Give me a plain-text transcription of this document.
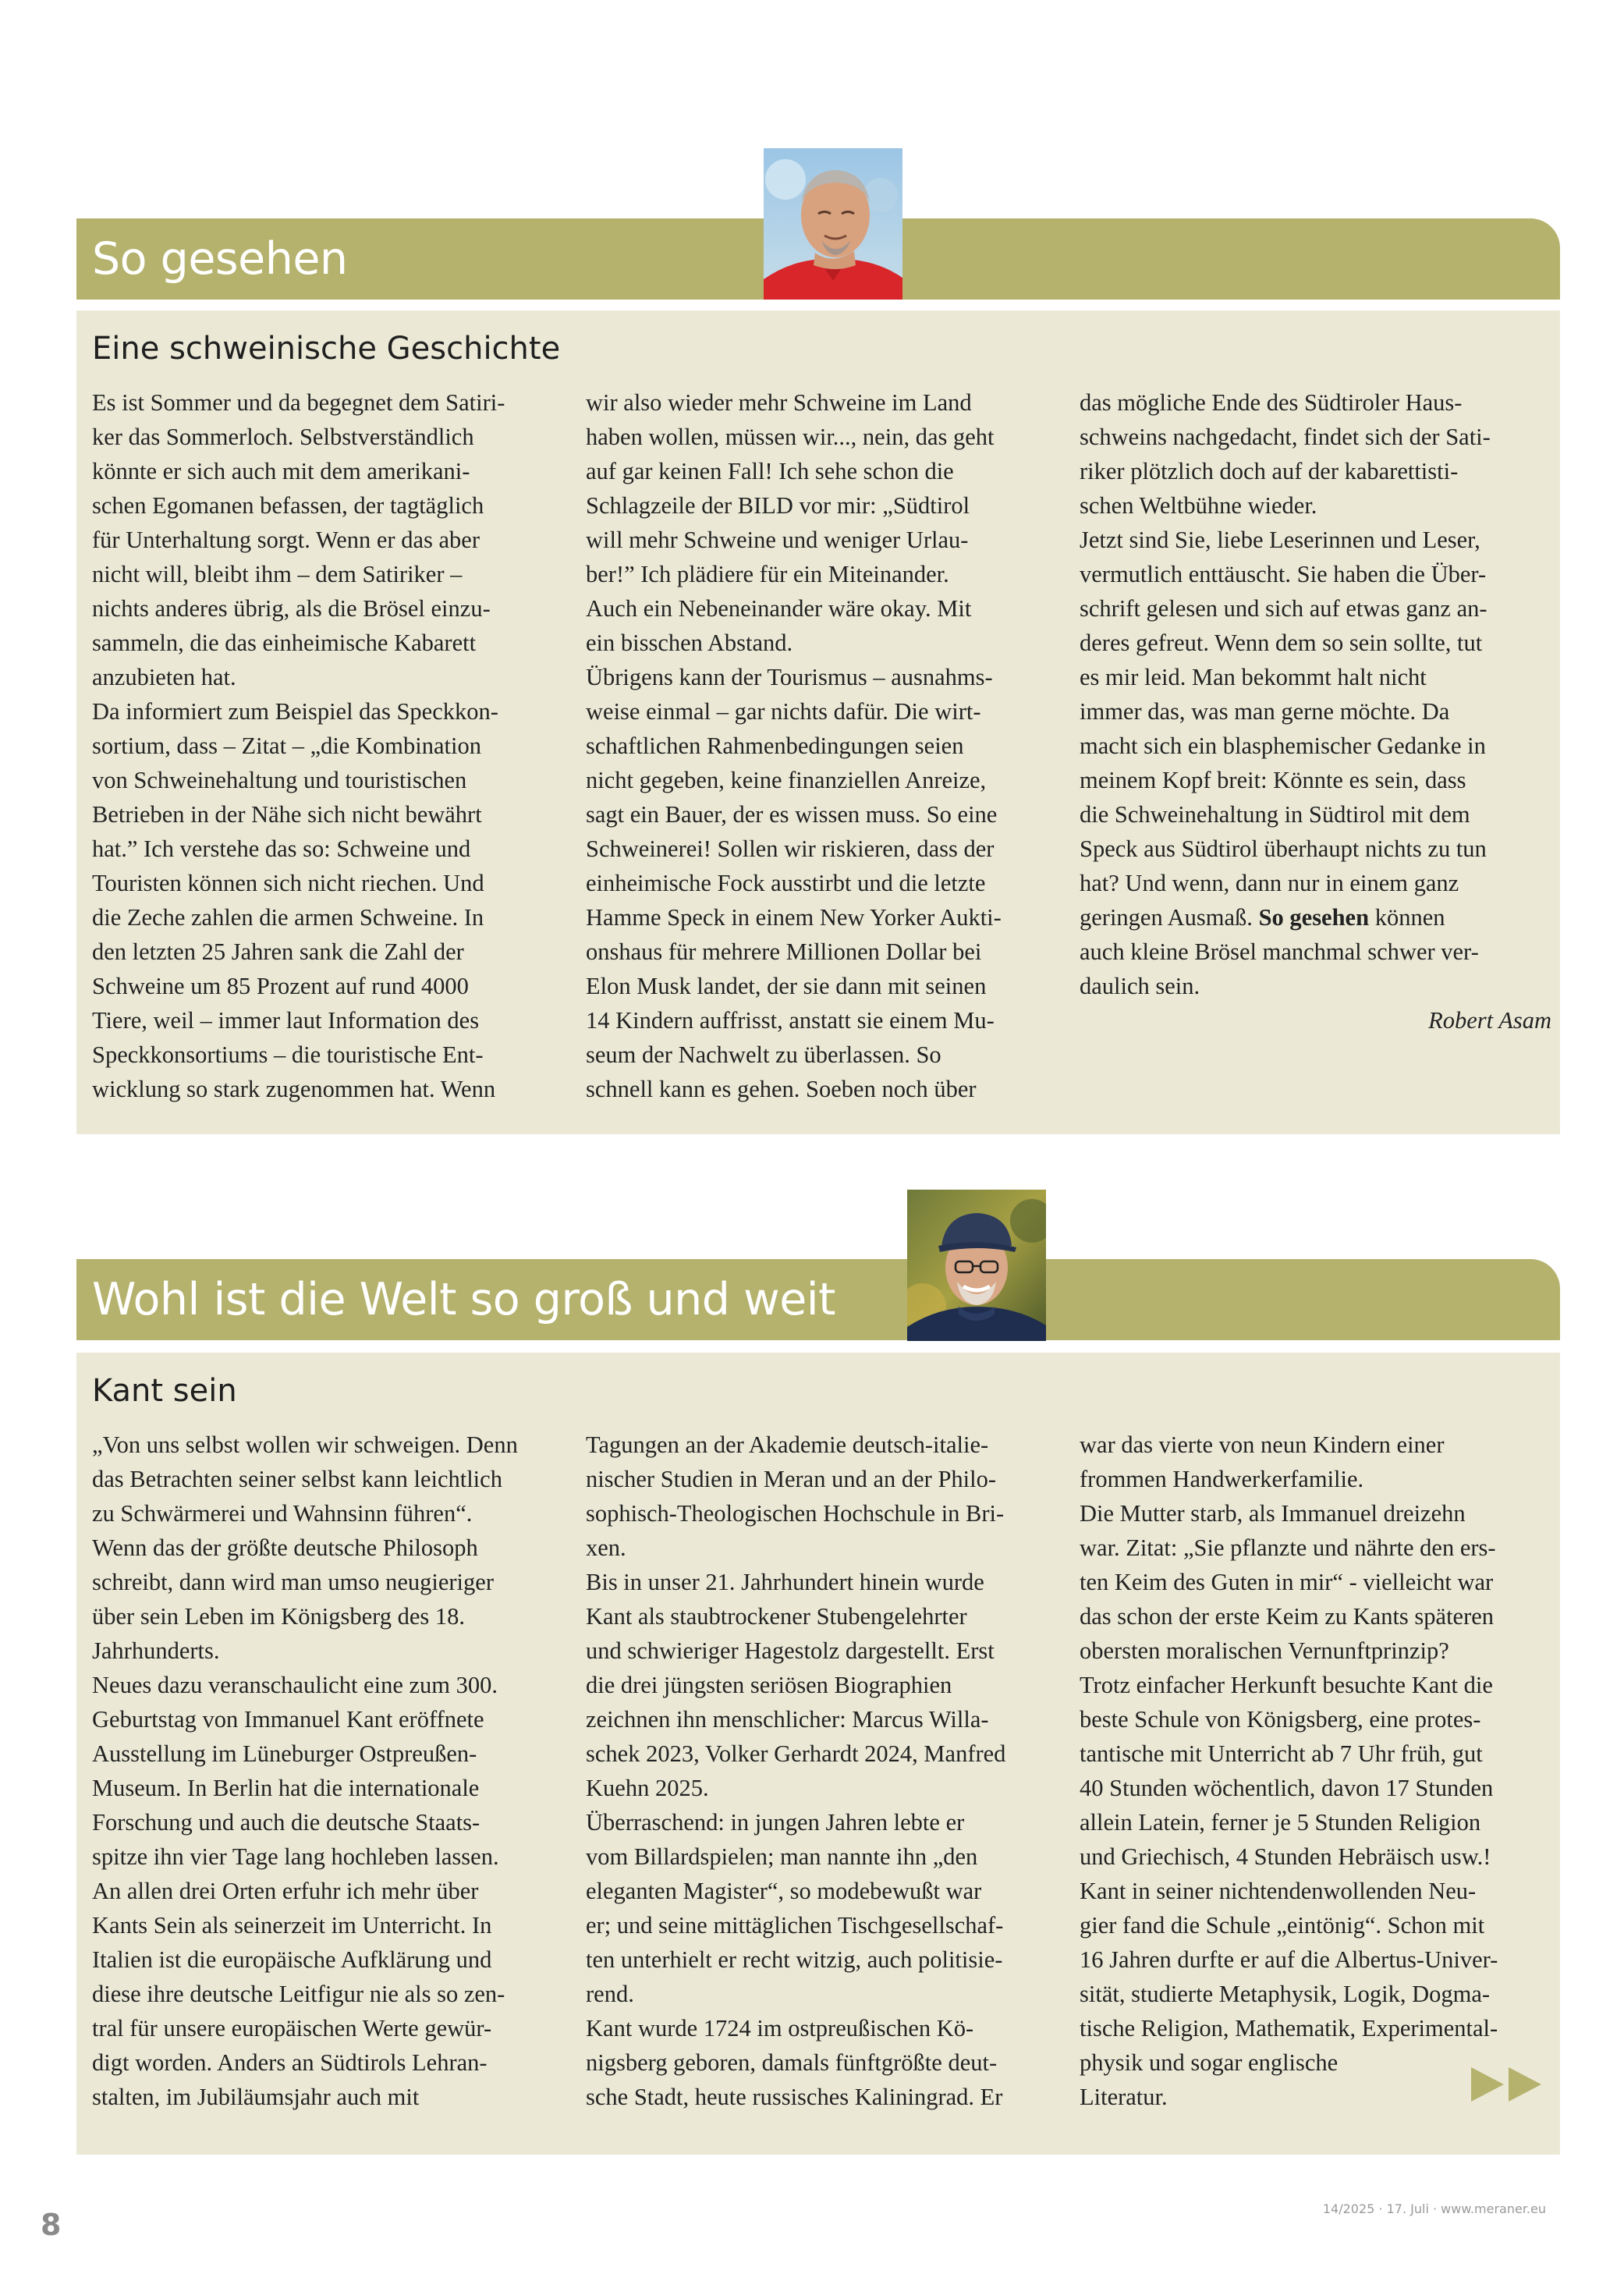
So gesehen
Eine schweinische Geschichte
Es ist Sommer und da begegnet dem Satiri-
ker das Sommerloch. Selbstverständlich
könnte er sich auch mit dem amerikani-
schen Egomanen befassen, der tagtäglich
für Unterhaltung sorgt. Wenn er das aber
nicht will, bleibt ihm – dem Satiriker –
nichts anderes übrig, als die Brösel einzu-
sammeln, die das einheimische Kabarett
anzubieten hat.
Da informiert zum Beispiel das Speckkon-
sortium, dass – Zitat – „die Kombination
von Schweinehaltung und touristischen
Betrieben in der Nähe sich nicht bewährt
hat.” Ich verstehe das so: Schweine und
Touristen können sich nicht riechen. Und
die Zeche zahlen die armen Schweine. In
den letzten 25 Jahren sank die Zahl der
Schweine um 85 Prozent auf rund 4000
Tiere, weil – immer laut Information des
Speckkonsortiums – die touristische Ent-
wicklung so stark zugenommen hat. Wenn
wir also wieder mehr Schweine im Land
haben wollen, müssen wir..., nein, das geht
auf gar keinen Fall! Ich sehe schon die
Schlagzeile der BILD vor mir: „Südtirol
will mehr Schweine und weniger Urlau-
ber!” Ich plädiere für ein Miteinander.
Auch ein Nebeneinander wäre okay. Mit
ein bisschen Abstand.
Übrigens kann der Tourismus – ausnahms-
weise einmal – gar nichts dafür. Die wirt-
schaftlichen Rahmenbedingungen seien
nicht gegeben, keine finanziellen Anreize,
sagt ein Bauer, der es wissen muss. So eine
Schweinerei! Sollen wir riskieren, dass der
einheimische Fock ausstirbt und die letzte
Hamme Speck in einem New Yorker Aukti-
onshaus für mehrere Millionen Dollar bei
Elon Musk landet, der sie dann mit seinen
14 Kindern auffrisst, anstatt sie einem Mu-
seum der Nachwelt zu überlassen. So
schnell kann es gehen. Soeben noch über
das mögliche Ende des Südtiroler Haus-
schweins nachgedacht, findet sich der Sati-
riker plötzlich doch auf der kabarettisti-
schen Weltbühne wieder.
Jetzt sind Sie, liebe Leserinnen und Leser,
vermutlich enttäuscht. Sie haben die Über-
schrift gelesen und sich auf etwas ganz an-
deres gefreut. Wenn dem so sein sollte, tut
es mir leid. Man bekommt halt nicht
immer das, was man gerne möchte. Da
macht sich ein blasphemischer Gedanke in
meinem Kopf breit: Könnte es sein, dass
die Schweinehaltung in Südtirol mit dem
Speck aus Südtirol überhaupt nichts zu tun
hat? Und wenn, dann nur in einem ganz
geringen Ausmaß. So gesehen können
auch kleine Brösel manchmal schwer ver-
daulich sein.
Robert Asam
Wohl ist die Welt so groß und weit
Kant sein
„Von uns selbst wollen wir schweigen. Denn
das Betrachten seiner selbst kann leichtlich
zu Schwärmerei und Wahnsinn führen“.
Wenn das der größte deutsche Philosoph
schreibt, dann wird man umso neugieriger
über sein Leben im Königsberg des 18.
Jahrhunderts.
Neues dazu veranschaulicht eine zum 300.
Geburtstag von Immanuel Kant eröffnete
Ausstellung im Lüneburger Ostpreußen-
Museum. In Berlin hat die internationale
Forschung und auch die deutsche Staats-
spitze ihn vier Tage lang hochleben lassen.
An allen drei Orten erfuhr ich mehr über
Kants Sein als seinerzeit im Unterricht. In
Italien ist die europäische Aufklärung und
diese ihre deutsche Leitfigur nie als so zen-
tral für unsere europäischen Werte gewür-
digt worden. Anders an Südtirols Lehran-
stalten, im Jubiläumsjahr auch mit
Tagungen an der Akademie deutsch-italie-
nischer Studien in Meran und an der Philo-
sophisch-Theologischen Hochschule in Bri-
xen.
Bis in unser 21. Jahrhundert hinein wurde
Kant als staubtrockener Stubengelehrter
und schwieriger Hagestolz dargestellt. Erst
die drei jüngsten seriösen Biographien
zeichnen ihn menschlicher: Marcus Willa-
schek 2023, Volker Gerhardt 2024, Manfred
Kuehn 2025.
Überraschend: in jungen Jahren lebte er
vom Billardspielen; man nannte ihn „den
eleganten Magister“, so modebewußt war
er; und seine mittäglichen Tischgesellschaf-
ten unterhielt er recht witzig, auch politisie-
rend.
Kant wurde 1724 im ostpreußischen Kö-
nigsberg geboren, damals fünftgrößte deut-
sche Stadt, heute russisches Kaliningrad. Er
war das vierte von neun Kindern einer
frommen Handwerkerfamilie.
Die Mutter starb, als Immanuel dreizehn
war. Zitat: „Sie pflanzte und nährte den ers-
ten Keim des Guten in mir“ - vielleicht war
das schon der erste Keim zu Kants späteren
obersten moralischen Vernunftprinzip?
Trotz einfacher Herkunft besuchte Kant die
beste Schule von Königsberg, eine protes-
tantische mit Unterricht ab 7 Uhr früh, gut
40 Stunden wöchentlich, davon 17 Stunden
allein Latein, ferner je 5 Stunden Religion
und Griechisch, 4 Stunden Hebräisch usw.!
Kant in seiner nichtendenwollenden Neu-
gier fand die Schule „eintönig“. Schon mit
16 Jahren durfte er auf die Albertus-Univer-
sität, studierte Metaphysik, Logik, Dogma-
tische Religion, Mathematik, Experimental-
physik und sogar englische
Literatur.
8	14/2025 · 17. Juli · www.meraner.eu
